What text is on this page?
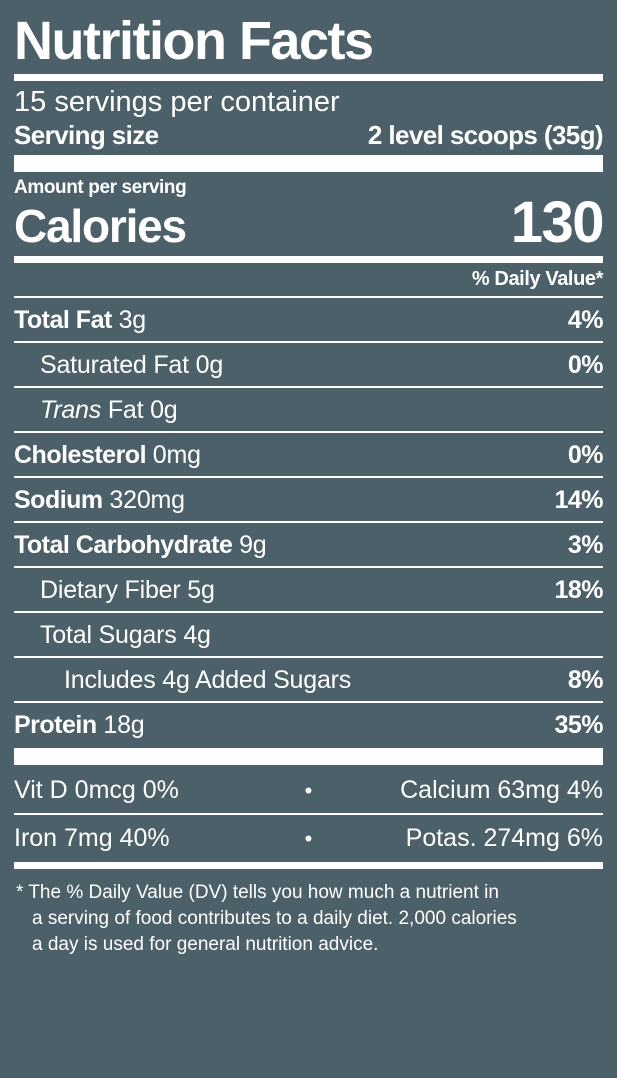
Nutrition Facts
15 servings per container
Serving size	2 level scoops (35g)
Amount per serving
Calories	130
% Daily Value*
Total Fat 3g	4%
Saturated Fat 0g	0%
Trans Fat 0g
Cholesterol 0mg	0%
Sodium 320mg	14%
Total Carbohydrate 9g	3%
Dietary Fiber 5g	18%
Total Sugars 4g
Includes 4g Added Sugars	8%
Protein 18g	35%
Vit D 0mcg 0%	•	Calcium 63mg 4%
Iron 7mg 40%	•	Potas. 274mg 6%
* The % Daily Value (DV) tells you how much a nutrient in
a serving of food contributes to a daily diet. 2,000 calories
a day is used for general nutrition advice.
